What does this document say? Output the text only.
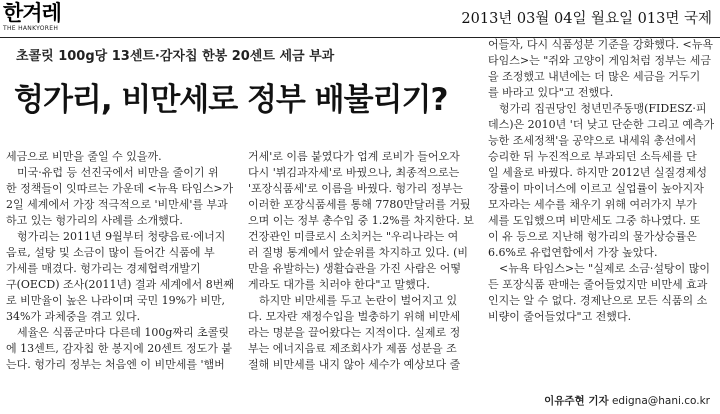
한겨레
THE HANKYOREH
2013년 03월 04일 월요일 013면 국제
초콜릿 100g당 13센트·감자칩 한봉 20센트 세금 부과
헝가리, 비만세로 정부 배불리기?

세금으로 비만을 줄일 수 있을까.

　미국·유럽 등 선진국에서 비만을 줄이기 위

한 정책들이 잇따르는 가운데 <뉴욕 타임스>가

2일 세계에서 가장 적극적으로 '비만세'를 부과

하고 있는 헝가리의 사례를 소개했다.

　헝가리는 2011년 9월부터 청량음료·에너지

음료, 설탕 및 소금이 많이 들어간 식품에 부

가세를 매겼다. 헝가리는 경제협력개발기

구(OECD) 조사(2011년) 결과 세계에서 8번째

로 비만율이 높은 나라이며 국민 19%가 비만,

34%가 과체중을 겪고 있다.

　세율은 식품군마다 다른데 100g짜리 초콜릿

에 13센트, 감자칩 한 봉지에 20센트 정도가 붙

는다. 헝가리 정부는 처음엔 이 비만세를 '햄버

거세'로 이름 붙였다가 업계 로비가 들어오자

다시 '뷔김과자세'로 바꿨으나, 최종적으로는

'포장식품세'로 이름을 바꿨다. 헝가리 정부는

이러한 포장식품세를 통해 7780만달러를 거뒀

으며 이는 정부 총수입 중 1.2%를 차지한다. 보

건장관인 미클로시 소치커는 "우리나라는 여

러 질병 통계에서 앞순위를 차지하고 있다. (비

만을 유발하는) 생활습관을 가진 사람은 어떻

게라도 대가를 치러야 한다"고 말했다.

　하지만 비만세를 두고 논란이 벌어지고 있

다. 모자란 재정수입을 벌충하기 위해 비만세

라는 명분을 끌어왔다는 지적이다. 실제로 정

부는 에너지음료 제조회사가 제품 성분을 조

절해 비만세를 내지 않아 세수가 예상보다 줄

어들자, 다시 식품성분 기준을 강화했다. <뉴욕

타임스>는 "쥐와 고양이 게임처럼 정부는 세금

을 조정했고 내년에는 더 많은 세금을 거두기

를 바라고 있다"고 전했다.

　헝가리 집권당인 청년민주동맹(FIDESZ·피

데스)은 2010년 '더 낮고 단순한 그리고 예측가

능한 조세정책'을 공약으로 내세워 총선에서

승리한 뒤 누진적으로 부과되던 소득세를 단

일 세율로 바꿨다. 하지만 2012년 실질경제성

장률이 마이너스에 이르고 실업률이 높아지자

모자라는 세수를 채우기 위해 여러가지 부가

세를 도입했으며 비만세도 그중 하나였다. 또

이 유 등으로 지난해 헝가리의 물가상승률은

6.6%로 유럽연합에서 가장 높았다.

　<뉴욕 타임스>는 "실제로 소금·설탕이 많이

든 포장식품 판매는 줄어들었지만 비만세 효과

인지는 알 수 없다. 경제난으로 모든 식품의 소

비량이 줄어들었다"고 전했다.

이유주현 기자 edigna@hani.co.kr
